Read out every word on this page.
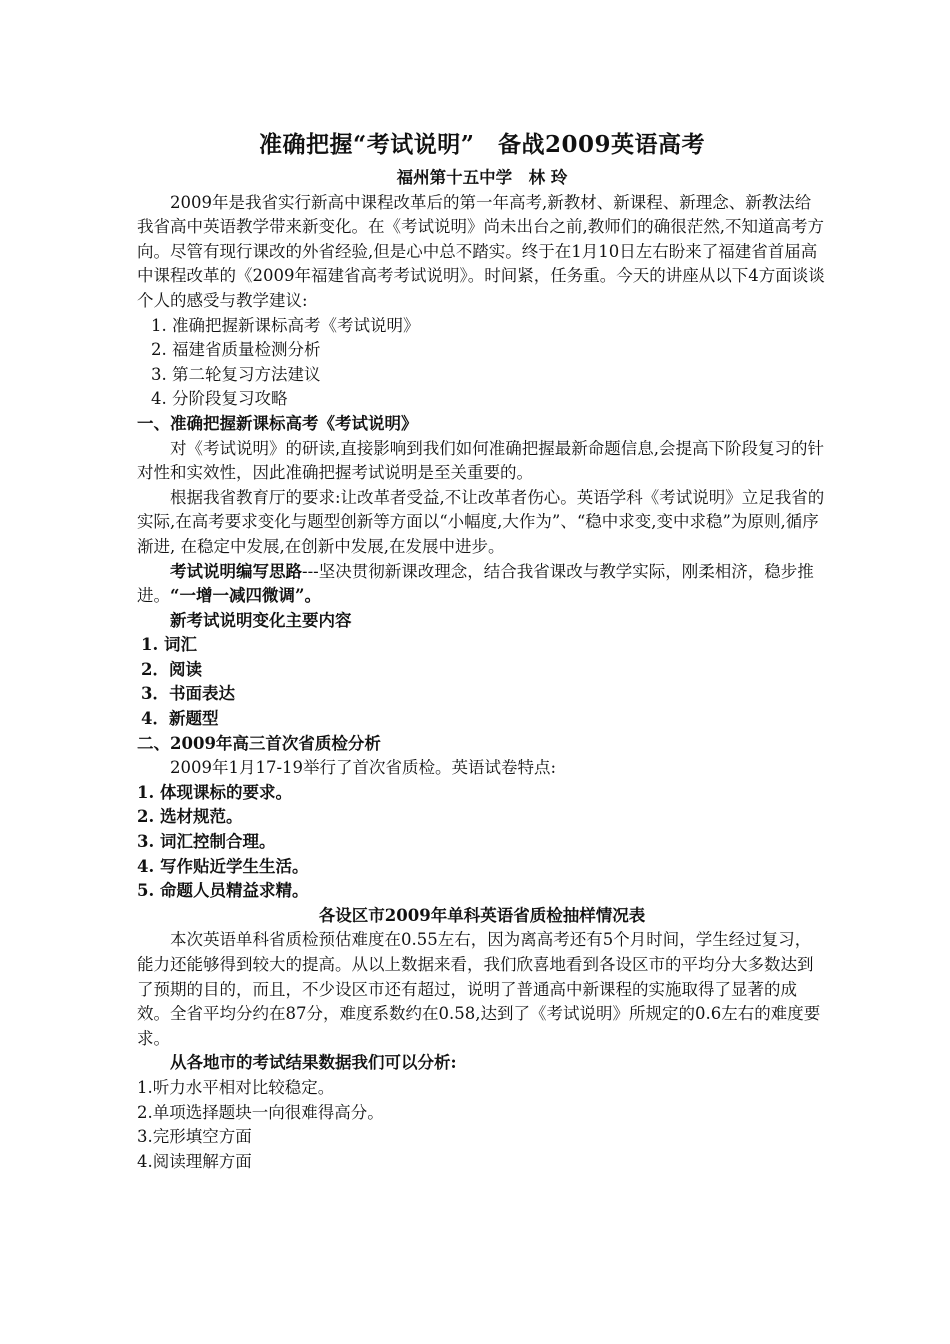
准确把握“考试说明”　备战2009英语高考

福州第十五中学　林 玲

2009年是我省实行新高中课程改革后的第一年高考,新教材、新课程、新理念、新教法给我省高中英语教学带来新变化。在《考试说明》尚未出台之前,教师们的确很茫然,不知道高考方向。尽管有现行课改的外省经验,但是心中总不踏实。终于在1月10日左右盼来了福建省首届高中课程改革的《2009年福建省高考考试说明》。时间紧，任务重。今天的讲座从以下4方面谈谈个人的感受与教学建议:

1. 准确把握新课标高考《考试说明》
2. 福建省质量检测分析
3. 第二轮复习方法建议
4. 分阶段复习攻略

一、准确把握新课标高考《考试说明》

对《考试说明》的研读,直接影响到我们如何准确把握最新命题信息,会提高下阶段复习的针对性和实效性，因此准确把握考试说明是至关重要的。

根据我省教育厅的要求:让改革者受益,不让改革者伤心。英语学科《考试说明》立足我省的实际,在高考要求变化与题型创新等方面以“小幅度,大作为”、“稳中求变,变中求稳”为原则,循序渐进, 在稳定中发展,在创新中发展,在发展中进步。

考试说明编写思路---坚决贯彻新课改理念，结合我省课改与教学实际，刚柔相济，稳步推进。“一增一减四微调”。

新考试说明变化主要内容

1. 词汇
2．阅读
3．书面表达
4．新题型

二、2009年高三首次省质检分析

2009年1月17-19举行了首次省质检。英语试卷特点:

1. 体现课标的要求。
2. 选材规范。
3. 词汇控制合理。
4. 写作贴近学生生活。
5. 命题人员精益求精。

各设区市2009年单科英语省质检抽样情况表

本次英语单科省质检预估难度在0.55左右，因为离高考还有5个月时间，学生经过复习，能力还能够得到较大的提高。从以上数据来看，我们欣喜地看到各设区市的平均分大多数达到了预期的目的，而且，不少设区市还有超过，说明了普通高中新课程的实施取得了显著的成效。全省平均分约在87分，难度系数约在0.58,达到了《考试说明》所规定的0.6左右的难度要求。

从各地市的考试结果数据我们可以分析:

1.听力水平相对比较稳定。
2.单项选择题块一向很难得高分。
3.完形填空方面
4.阅读理解方面
